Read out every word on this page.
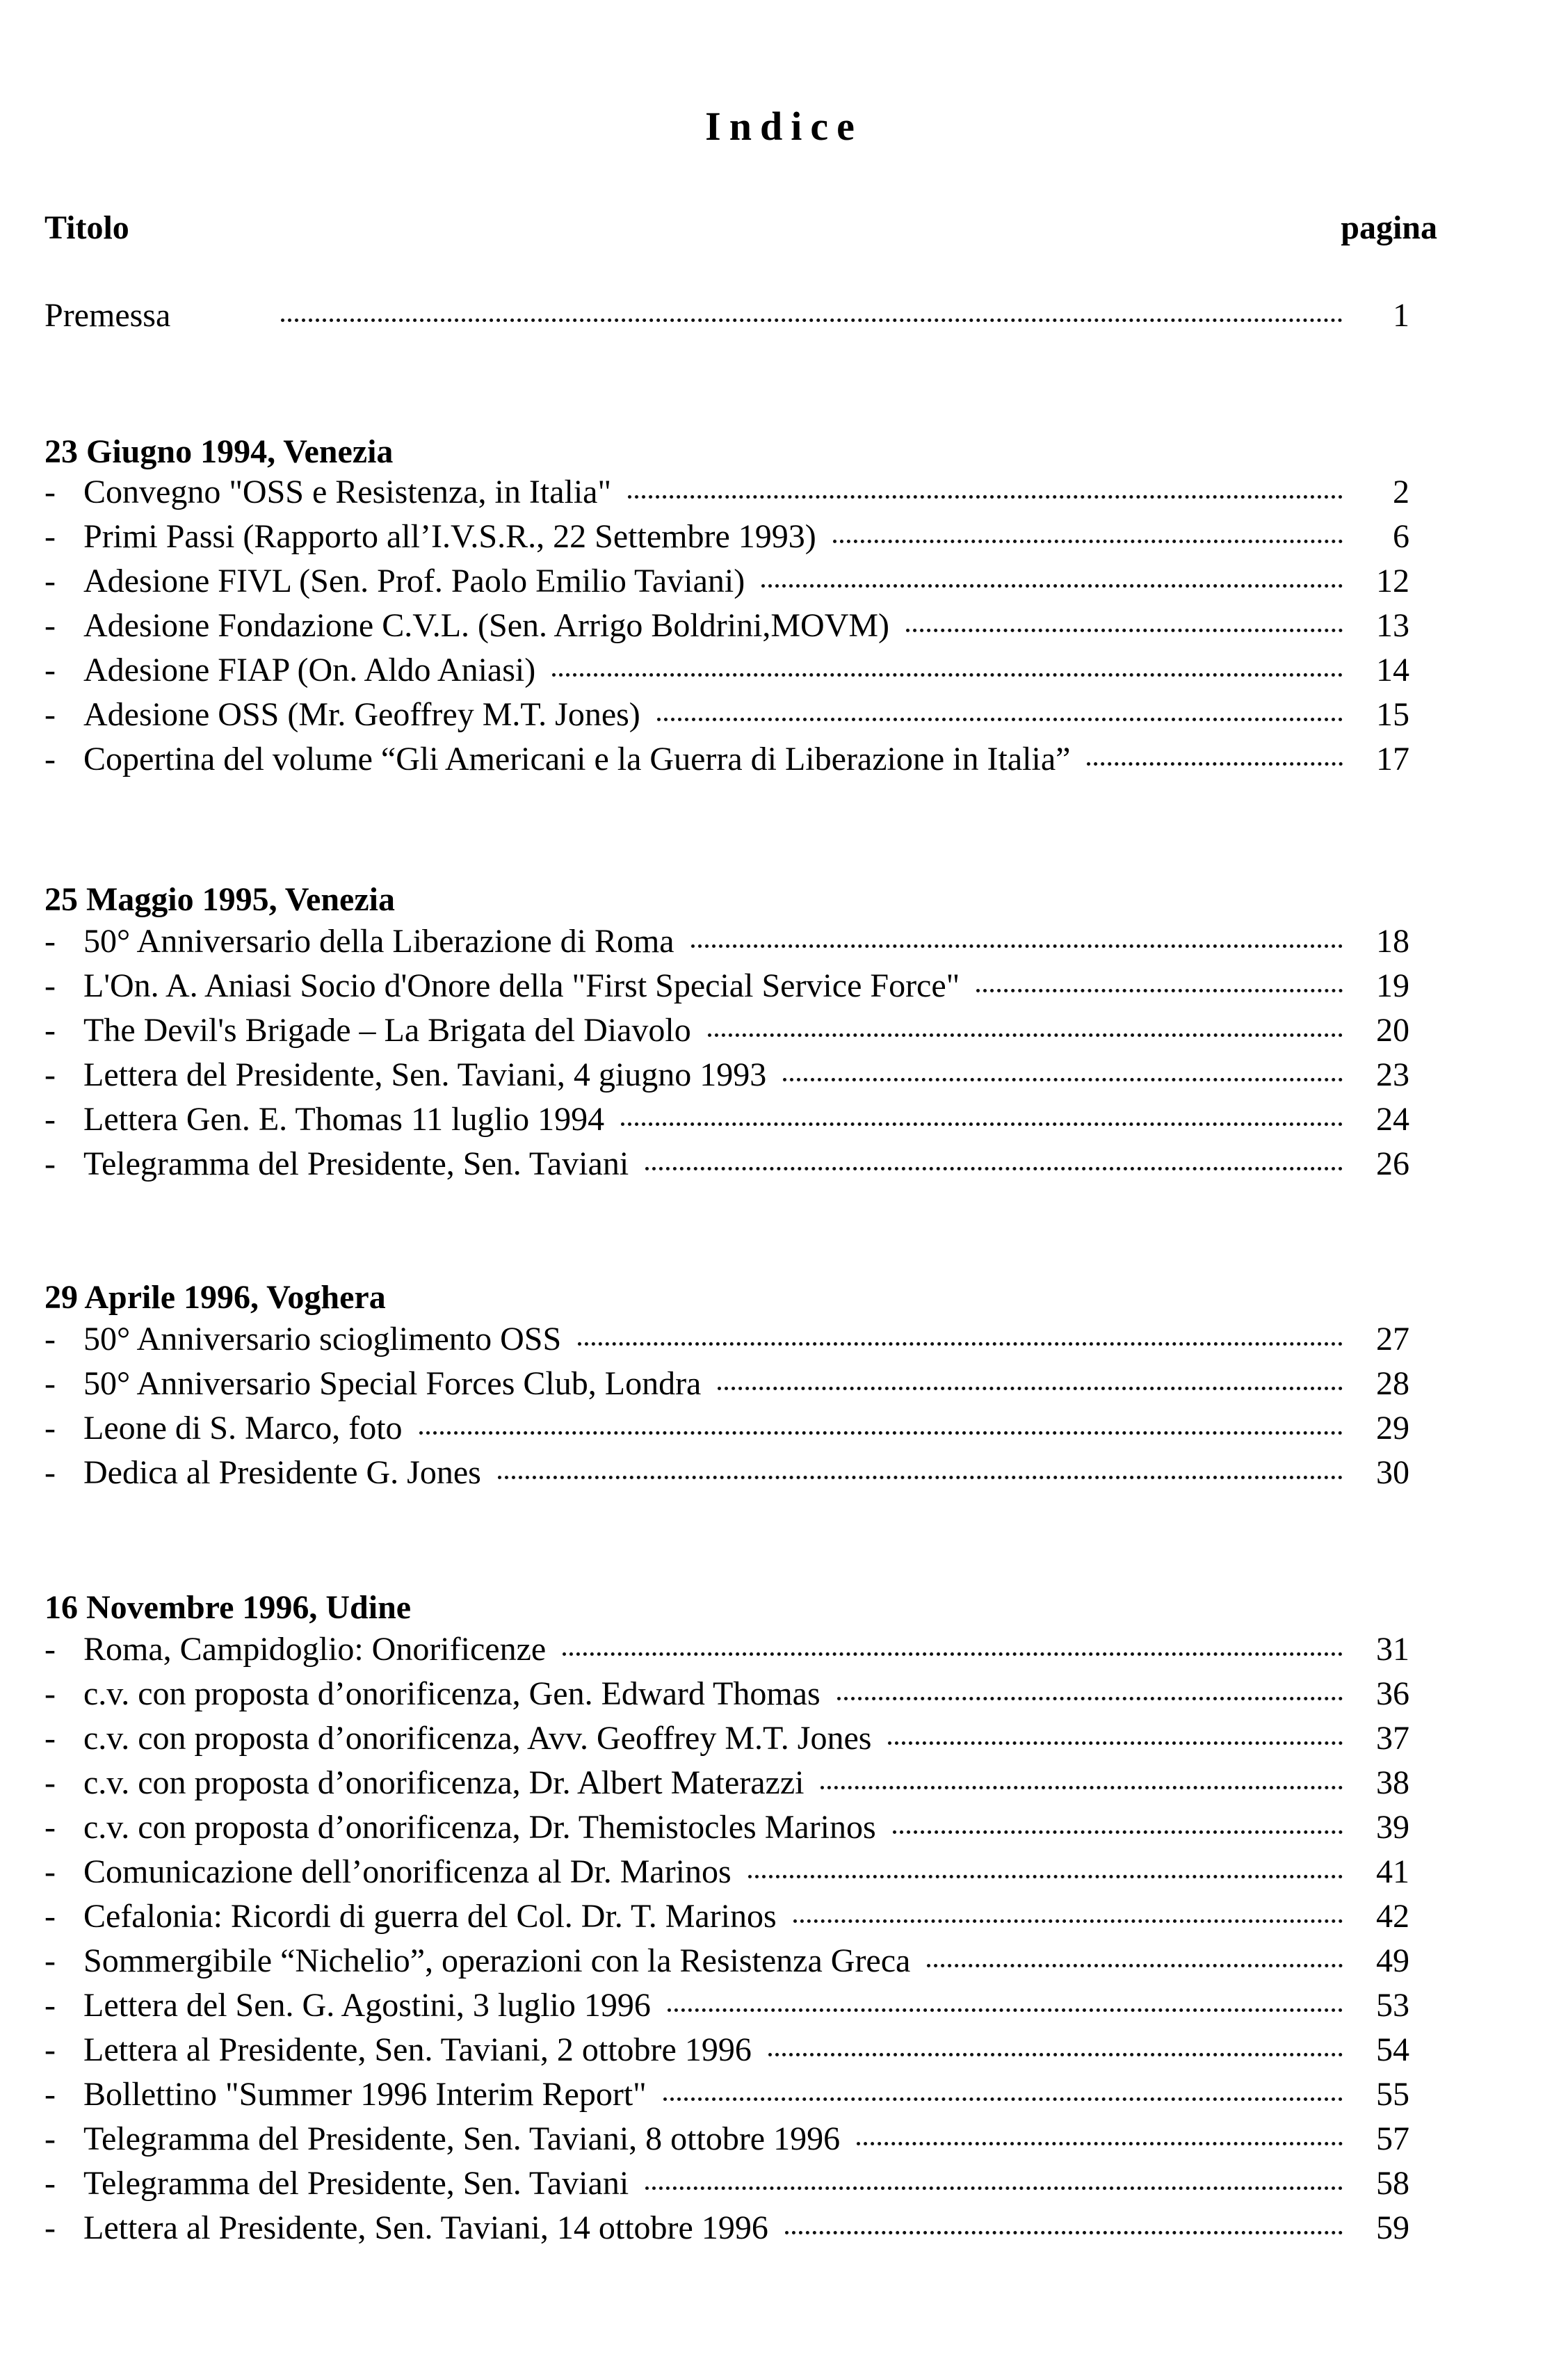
Indice
Titolo	pagina
Premessa	1
23 Giugno 1994, Venezia
- Convegno "OSS e Resistenza, in Italia"	2
- Primi Passi (Rapporto all’I.V.S.R., 22 Settembre 1993)	6
- Adesione FIVL (Sen. Prof. Paolo Emilio Taviani)	12
- Adesione Fondazione C.V.L. (Sen. Arrigo Boldrini,MOVM)	13
- Adesione FIAP (On. Aldo Aniasi)	14
- Adesione OSS (Mr. Geoffrey M.T. Jones)	15
- Copertina del volume “Gli Americani e la Guerra di Liberazione in Italia”	17
25 Maggio 1995, Venezia
- 50° Anniversario della Liberazione di Roma	18
- L'On. A. Aniasi Socio d'Onore della "First Special Service Force"	19
- The Devil's Brigade – La Brigata del Diavolo	20
- Lettera del Presidente, Sen. Taviani, 4 giugno 1993	23
- Lettera Gen. E. Thomas 11 luglio 1994	24
- Telegramma del Presidente, Sen. Taviani	26
29 Aprile 1996, Voghera
- 50° Anniversario scioglimento OSS	27
- 50° Anniversario Special Forces Club, Londra	28
- Leone di S. Marco, foto	29
- Dedica al Presidente G. Jones	30
16 Novembre 1996, Udine
- Roma, Campidoglio: Onorificenze	31
- c.v. con proposta d’onorificenza, Gen. Edward Thomas	36
- c.v. con proposta d’onorificenza, Avv. Geoffrey M.T. Jones	37
- c.v. con proposta d’onorificenza, Dr. Albert Materazzi	38
- c.v. con proposta d’onorificenza, Dr. Themistocles Marinos	39
- Comunicazione dell’onorificenza al Dr. Marinos	41
- Cefalonia: Ricordi di guerra del Col. Dr. T. Marinos	42
- Sommergibile “Nichelio”, operazioni con la Resistenza Greca	49
- Lettera del Sen. G. Agostini, 3 luglio 1996	53
- Lettera al Presidente, Sen. Taviani, 2 ottobre 1996	54
- Bollettino "Summer 1996 Interim Report"	55
- Telegramma del Presidente, Sen. Taviani, 8 ottobre 1996	57
- Telegramma del Presidente, Sen. Taviani	58
- Lettera al Presidente, Sen. Taviani, 14 ottobre 1996	59
